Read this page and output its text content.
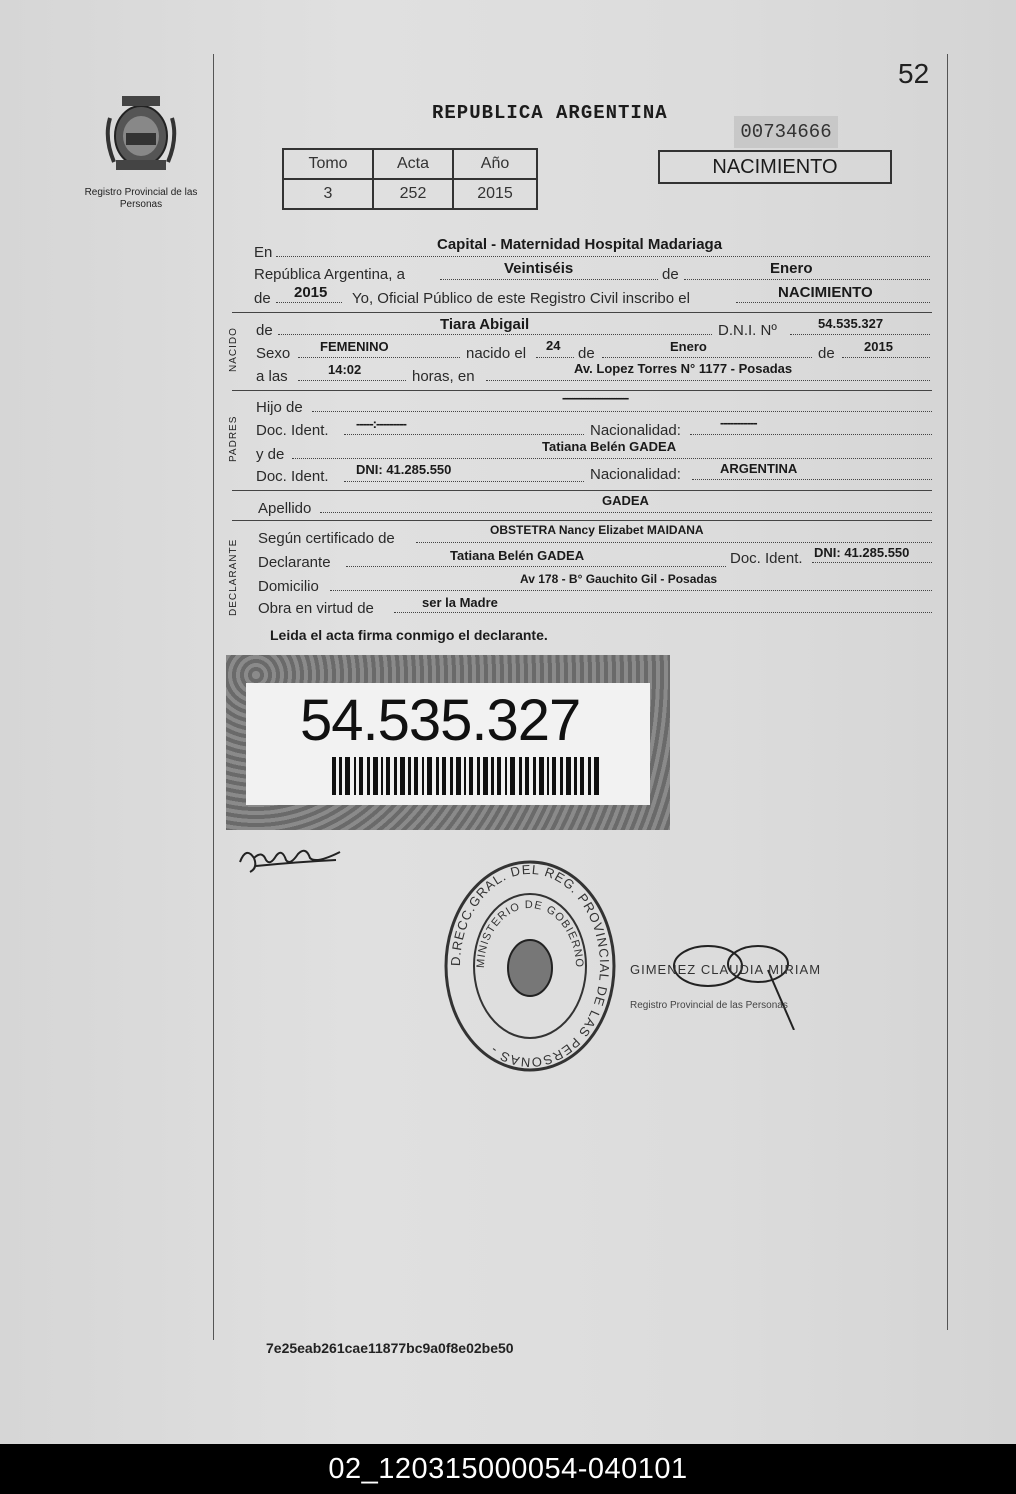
52
Registro Provincial de las Personas
REPUBLICA ARGENTINA
00734666
NACIMIENTO
Tomo	Acta	Año
3	252	2015
En	Capital - Maternidad Hospital Madariaga
República Argentina, a	Veintiséis	de	Enero
de 2015 Yo, Oficial Público de este Registro Civil inscribo el	NACIMIENTO
NACIDO de	Tiara Abigail	D.N.I. Nº	54.535.327
Sexo FEMENINO	nacido el 24 de	Enero	de 2015
a las	14:02	horas, en	Av. Lopez Torres N° 1177 - Posadas
PADRES
Hijo de
----------------------------
Doc. Ident. -----:---------	Nacionalidad:	-----------
y de	Tatiana Belén GADEA
Doc. Ident. DNI: 41.285.550	Nacionalidad:	ARGENTINA
Apellido	GADEA
DECLARANTE
Según certificado de	OBSTETRA Nancy Elizabet MAIDANA
Declarante	Tatiana Belén GADEA	Doc. Ident. DNI: 41.285.550
Domicilio	Av 178 - B° Gauchito Gil - Posadas
Obra en virtud de	ser la Madre
Leida el acta firma conmigo el declarante.
54.535.327
D.RECC.GRAL. DEL REG. PROVINCIAL DE LAS PERSONAS -
MINISTERIO DE GOBIERNO	GIMENEZ CLAUDIA MIRIAM
Registro Provincial de las Personas
7e25eab261cae11877bc9a0f8e02be50
02_120315000054-040101
